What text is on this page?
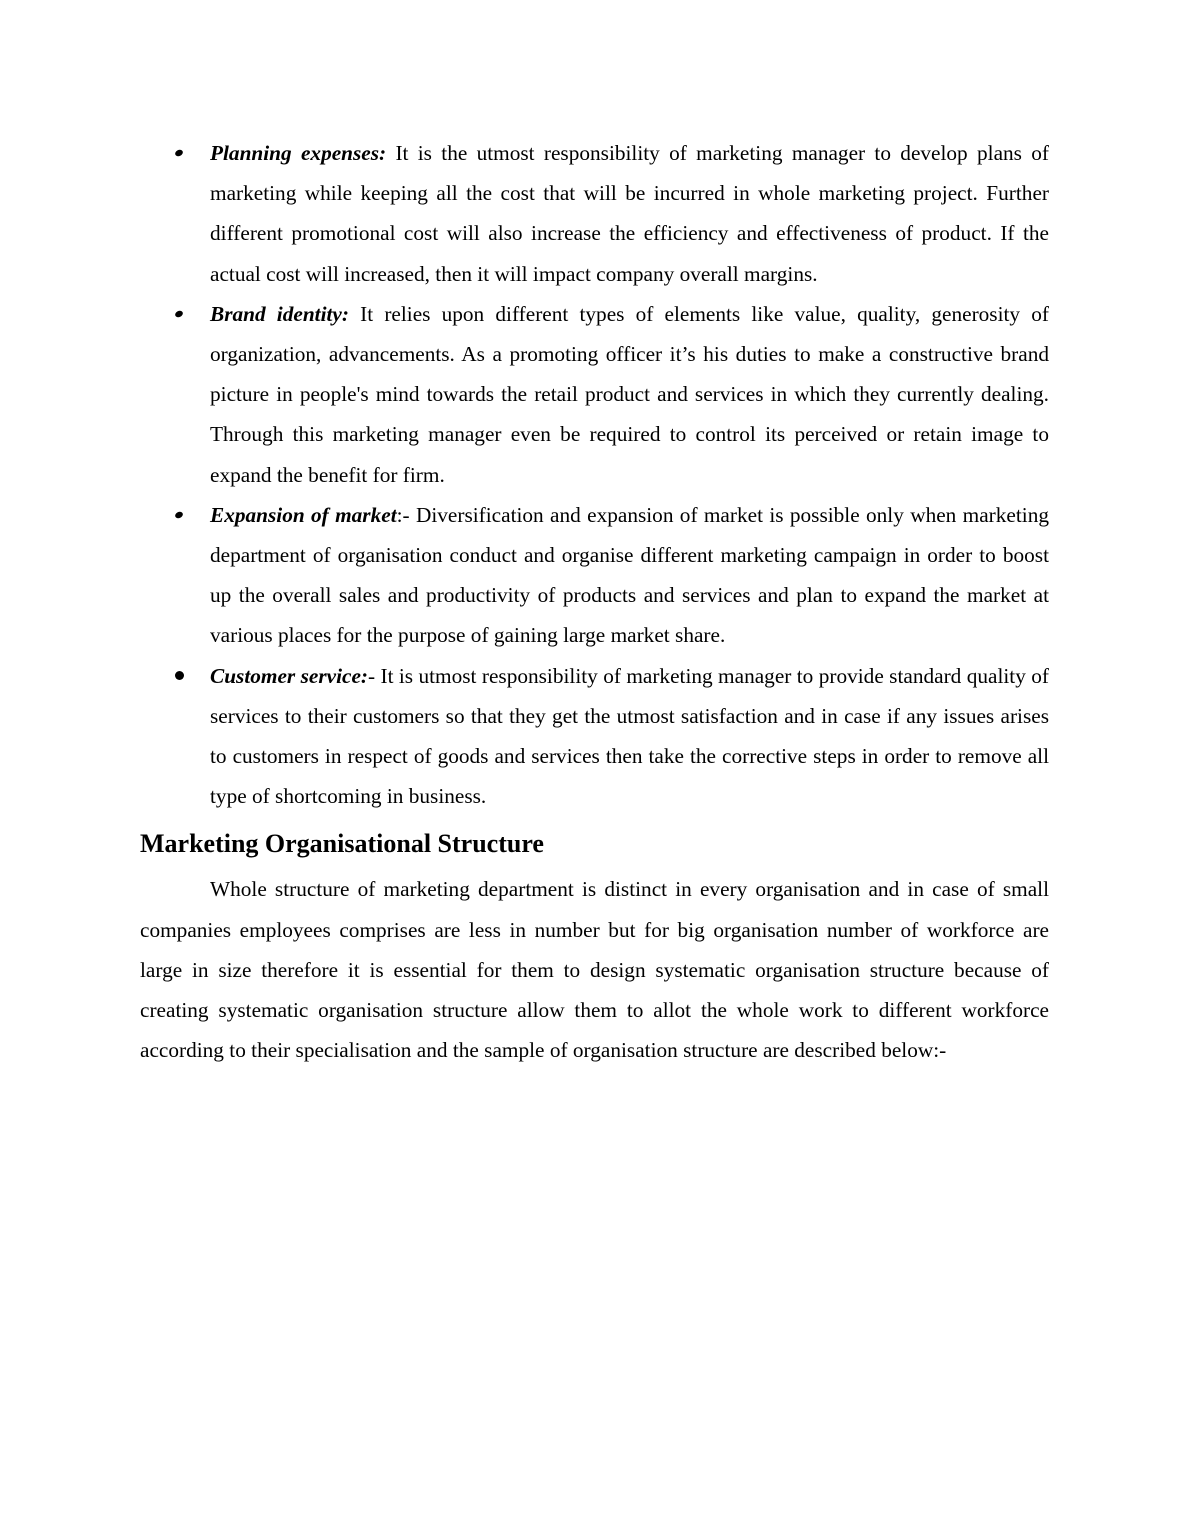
Planning expenses: It is the utmost responsibility of marketing manager to develop plans of marketing while keeping all the cost that will be incurred in whole marketing project. Further different promotional cost will also increase the efficiency and effectiveness of product. If the actual cost will increased, then it will impact company overall margins.
Brand identity: It relies upon different types of elements like value, quality, generosity of organization, advancements. As a promoting officer it’s his duties to make a constructive brand picture in people's mind towards the retail product and services in which they currently dealing. Through this marketing manager even be required to control its perceived or retain image to expand the benefit for firm.
Expansion of market:- Diversification and expansion of market is possible only when marketing department of organisation conduct and organise different marketing campaign in order to boost up the overall sales and productivity of products and services and plan to expand the market at various places for the purpose of gaining large market share.
Customer service:- It is utmost responsibility of marketing manager to provide standard quality of services to their customers so that they get the utmost satisfaction and in case if any issues arises to customers in respect of goods and services then take the corrective steps in order to remove all type of shortcoming in business.
Marketing Organisational Structure

Whole structure of marketing department is distinct in every organisation and in case of small companies employees comprises are less in number but for big organisation number of workforce are large in size therefore it is essential for them to design systematic organisation structure because of creating systematic organisation structure allow them to allot the whole work to different workforce according to their specialisation and the sample of organisation structure are described below:-
